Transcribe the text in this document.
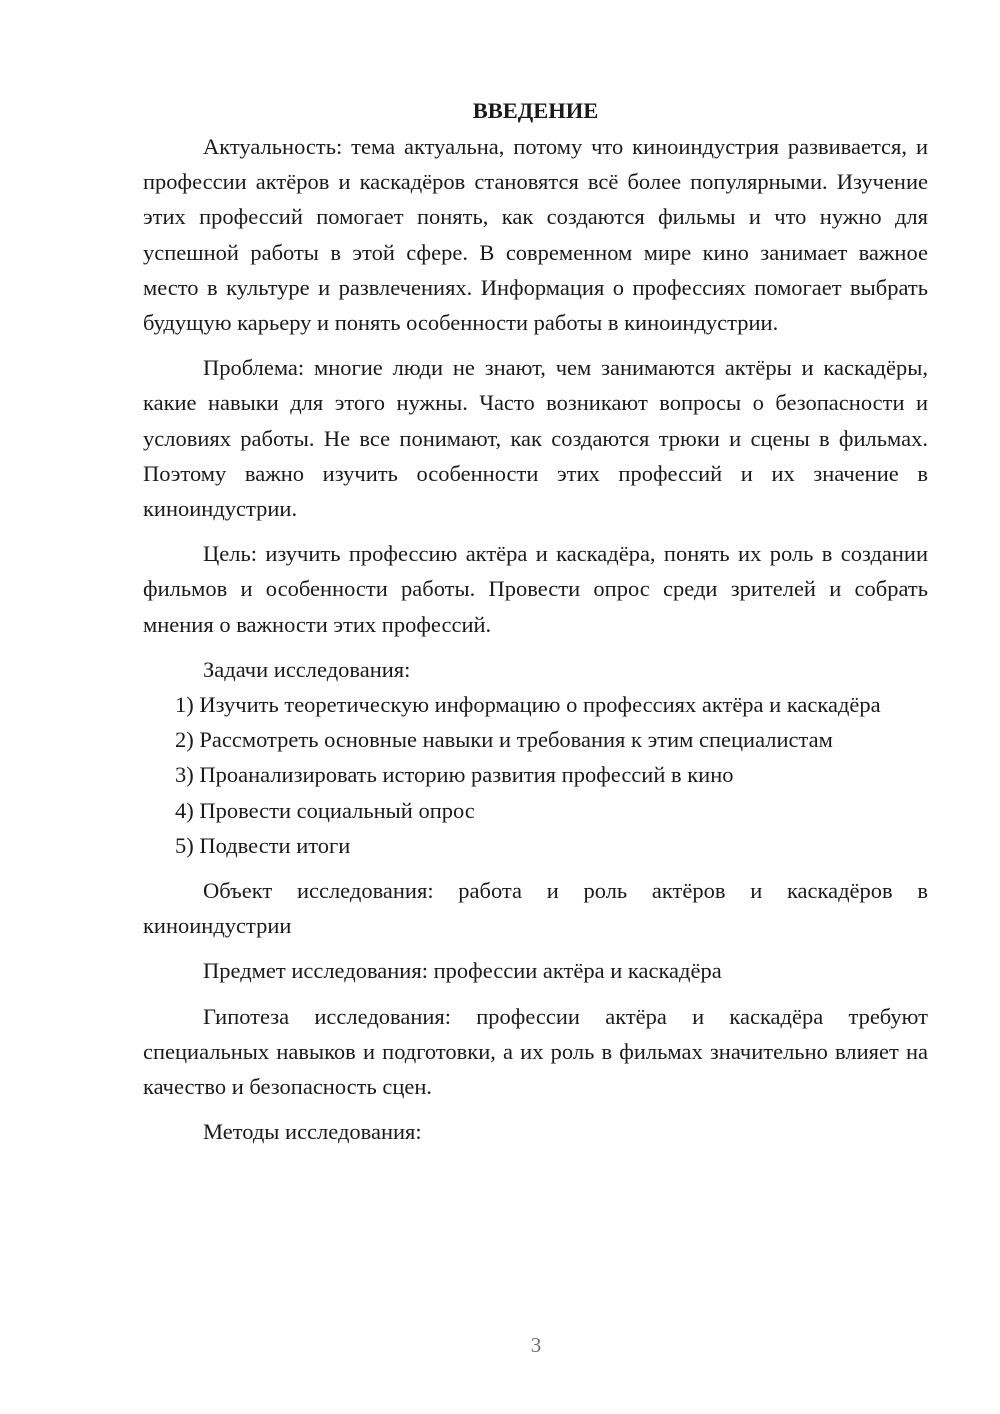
ВВЕДЕНИЕ

Актуальность: тема актуальна, потому что киноиндустрия развивается, и профессии актёров и каскадёров становятся всё более популярными. Изучение этих профессий помогает понять, как создаются фильмы и что нужно для успешной работы в этой сфере. В современном мире кино занимает важное место в культуре и развлечениях. Информация о профессиях помогает выбрать будущую карьеру и понять особенности работы в киноиндустрии.

Проблема: многие люди не знают, чем занимаются актёры и каскадёры, какие навыки для этого нужны. Часто возникают вопросы о безопасности и условиях работы. Не все понимают, как создаются трюки и сцены в фильмах. Поэтому важно изучить особенности этих профессий и их значение в киноиндустрии.

Цель: изучить профессию актёра и каскадёра, понять их роль в создании фильмов и особенности работы. Провести опрос среди зрителей и собрать мнения о важности этих профессий.

Задачи исследования:

1) Изучить теоретическую информацию о профессиях актёра и каскадёра

2) Рассмотреть основные навыки и требования к этим специалистам

3) Проанализировать историю развития профессий в кино

4) Провести социальный опрос

5) Подвести итоги

Объект исследования: работа и роль актёров и каскадёров в киноиндустрии

Предмет исследования: профессии актёра и каскадёра

Гипотеза исследования: профессии актёра и каскадёра требуют специальных навыков и подготовки, а их роль в фильмах значительно влияет на качество и безопасность сцен.

Методы исследования:

3
